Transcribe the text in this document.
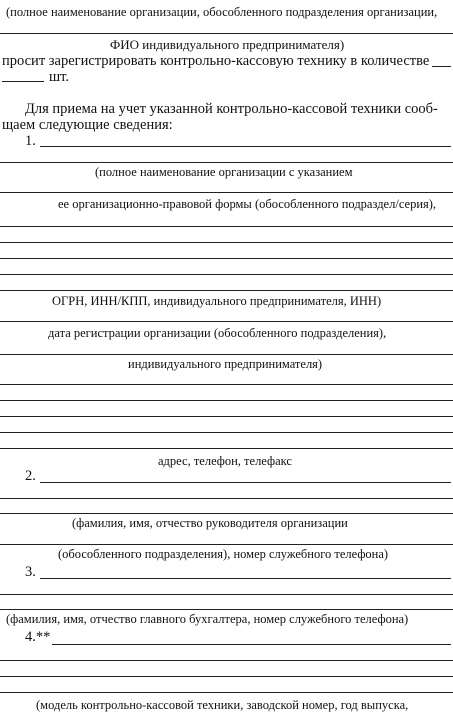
(полное наименование организации, обособленного подразделения организации,
ФИО индивидуального предпринимателя)
просит зарегистрировать контрольно-кассовую технику в количестве
шт.
Для приема на учет указанной контрольно-кассовой техники сооб-
щаем следующие сведения:
1.
(полное наименование организации с указанием
ее организационно-правовой формы (обособленного подраздел/серия),
ОГРН, ИНН/КПП, индивидуального предпринимателя, ИНН)
дата регистрации организации (обособленного подразделения),
индивидуального предпринимателя)
адрес, телефон, телефакс
2.
(фамилия, имя, отчество руководителя организации
(обособленного подразделения), номер служебного телефона)
3.
(фамилия, имя, отчество главного бухгалтера, номер служебного телефона)
4.**
(модель контрольно-кассовой техники, заводской номер, год выпуска,
